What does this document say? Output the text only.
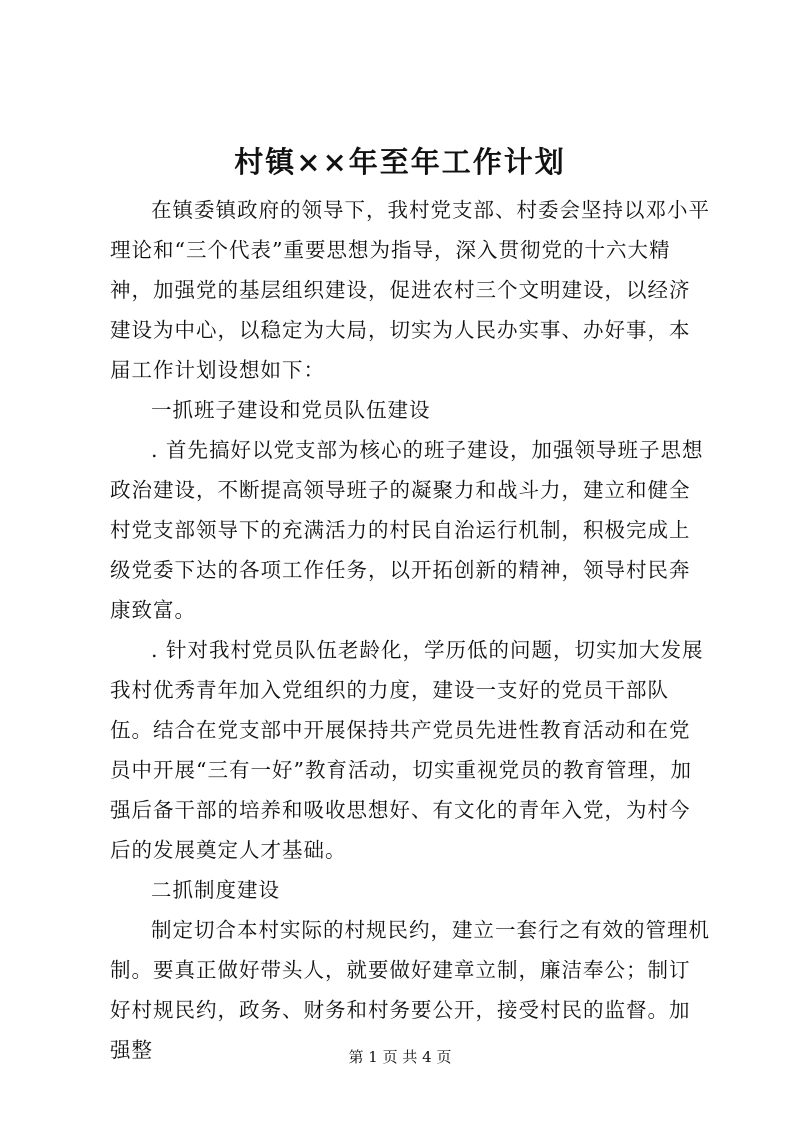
村镇××年至年工作计划

在镇委镇政府的领导下，我村党支部、村委会坚持以邓小平理论和“三个代表”重要思想为指导，深入贯彻党的十六大精神，加强党的基层组织建设，促进农村三个文明建设，以经济建设为中心，以稳定为大局，切实为人民办实事、办好事，本届工作计划设想如下：

一抓班子建设和党员队伍建设

. 首先搞好以党支部为核心的班子建设，加强领导班子思想政治建设，不断提高领导班子的凝聚力和战斗力，建立和健全村党支部领导下的充满活力的村民自治运行机制，积极完成上级党委下达的各项工作任务，以开拓创新的精神，领导村民奔康致富。

. 针对我村党员队伍老龄化，学历低的问题，切实加大发展我村优秀青年加入党组织的力度，建设一支好的党员干部队伍。结合在党支部中开展保持共产党员先进性教育活动和在党员中开展“三有一好”教育活动，切实重视党员的教育管理，加强后备干部的培养和吸收思想好、有文化的青年入党，为村今后的发展奠定人才基础。

二抓制度建设

制定切合本村实际的村规民约，建立一套行之有效的管理机制。要真正做好带头人，就要做好建章立制，廉洁奉公；制订好村规民约，政务、财务和村务要公开，接受村民的监督。加强整	第 1 页 共 4 页
